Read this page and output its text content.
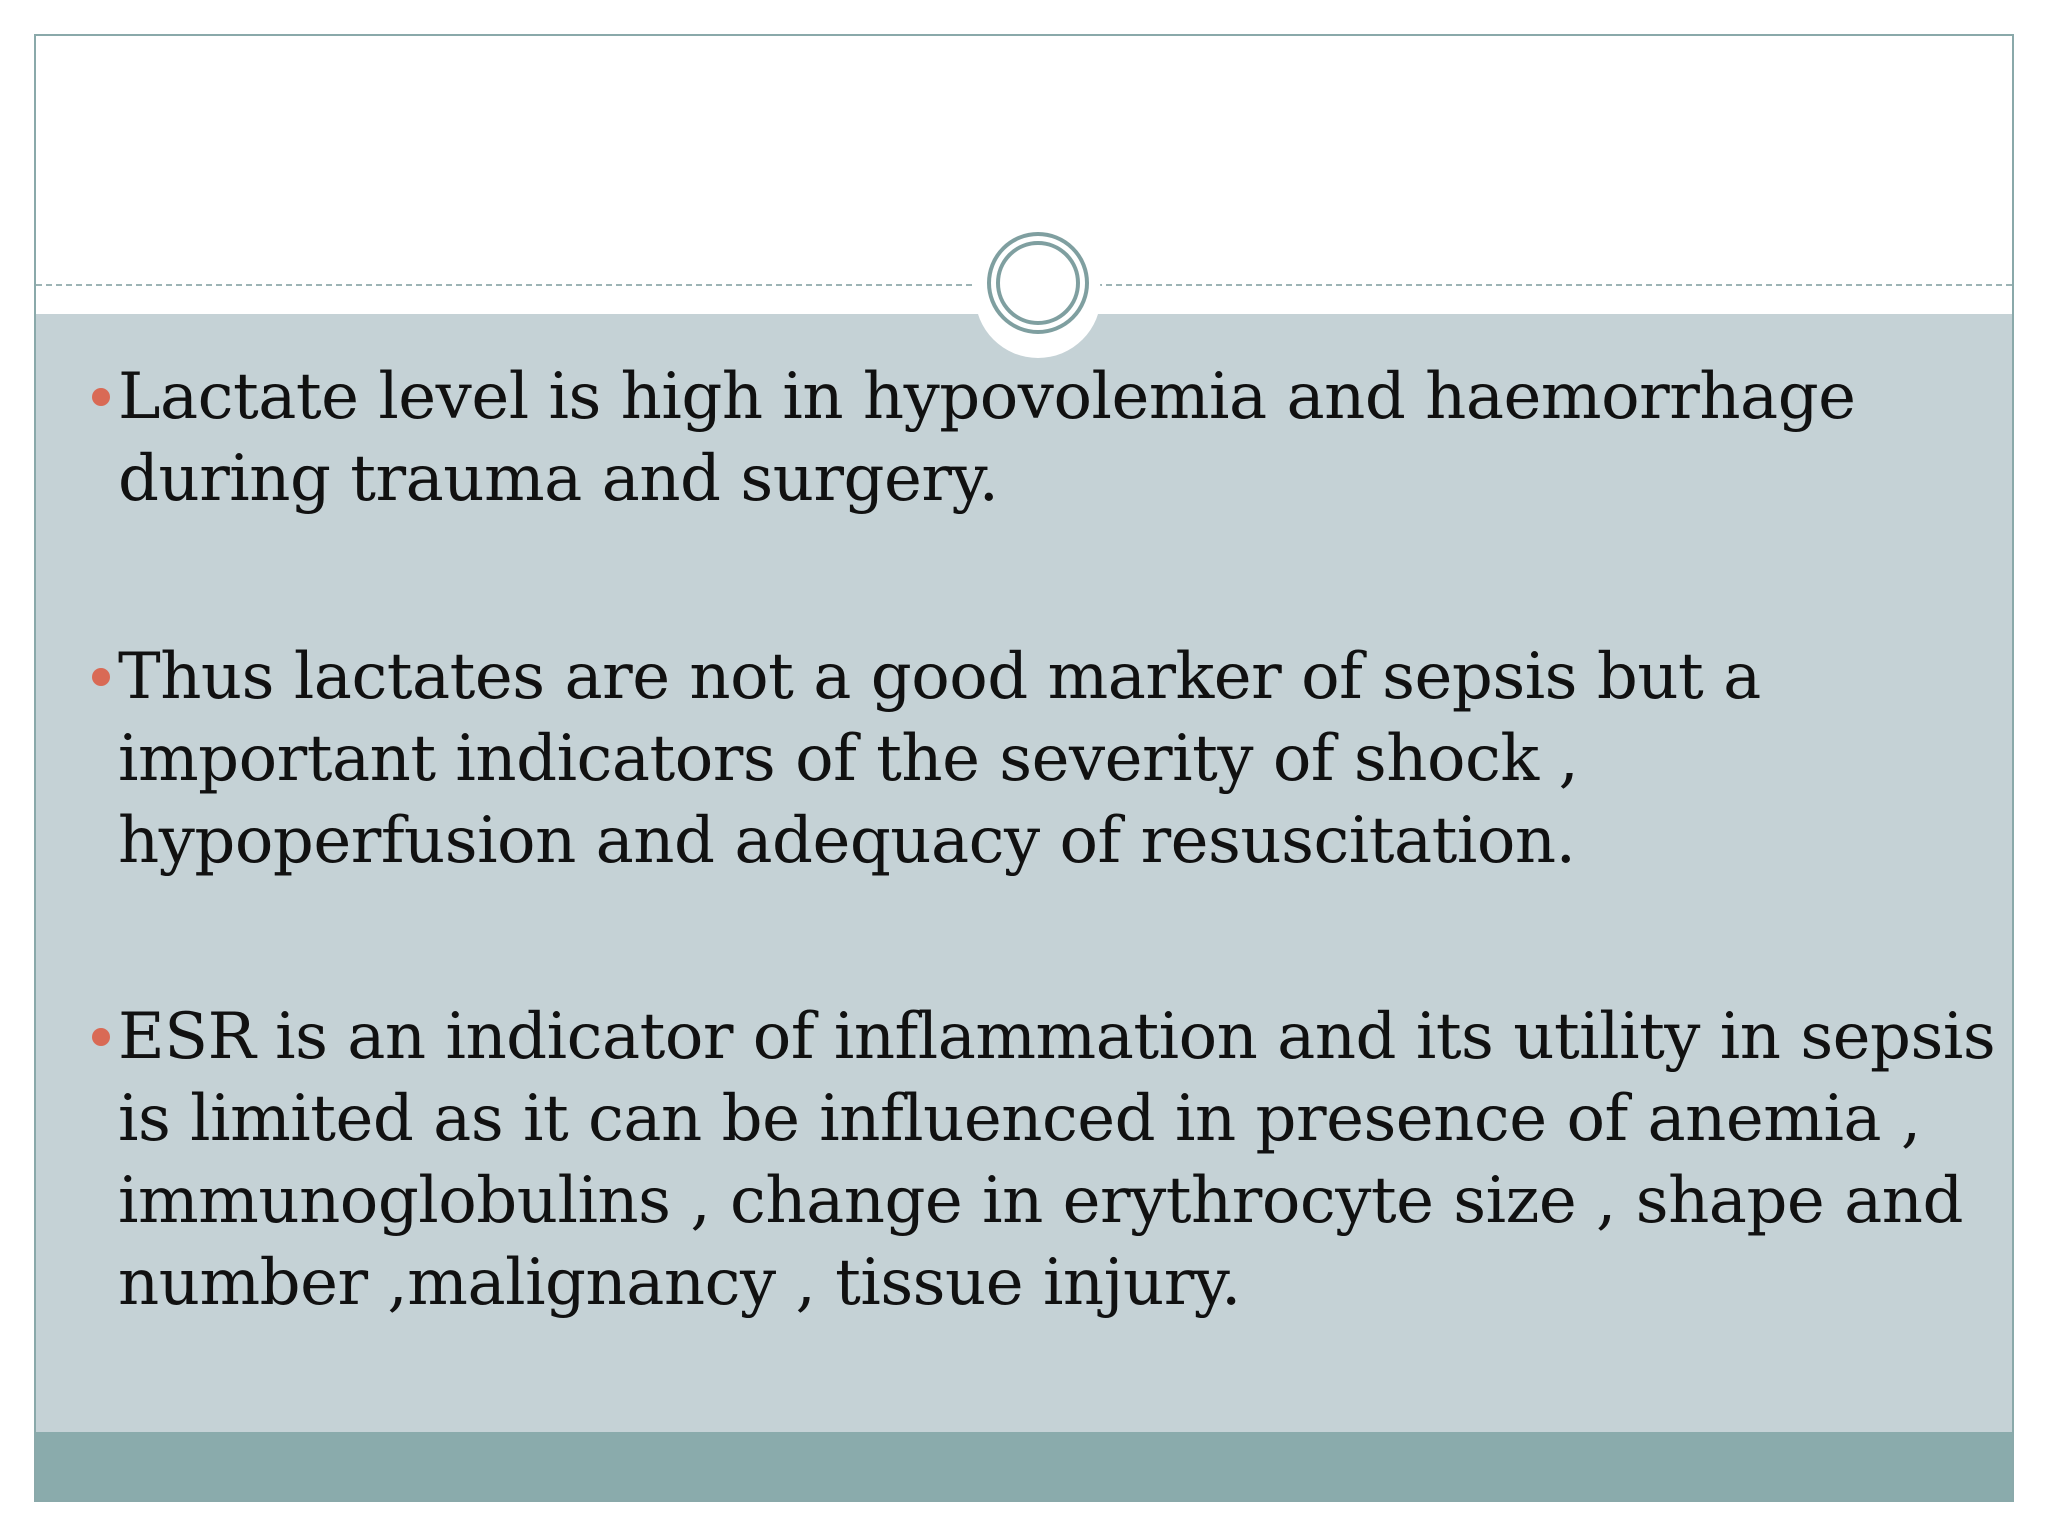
Lactate level is high in hypovolemia and haemorrhage during trauma and surgery.
Thus lactates are not a good marker of sepsis but a important indicators of the severity of shock , hypoperfusion and adequacy of resuscitation.
ESR is an indicator of inflammation and its utility in sepsis is limited as it can be influenced in presence of anemia , immunoglobulins , change in erythrocyte size , shape and number ,malignancy , tissue injury.
